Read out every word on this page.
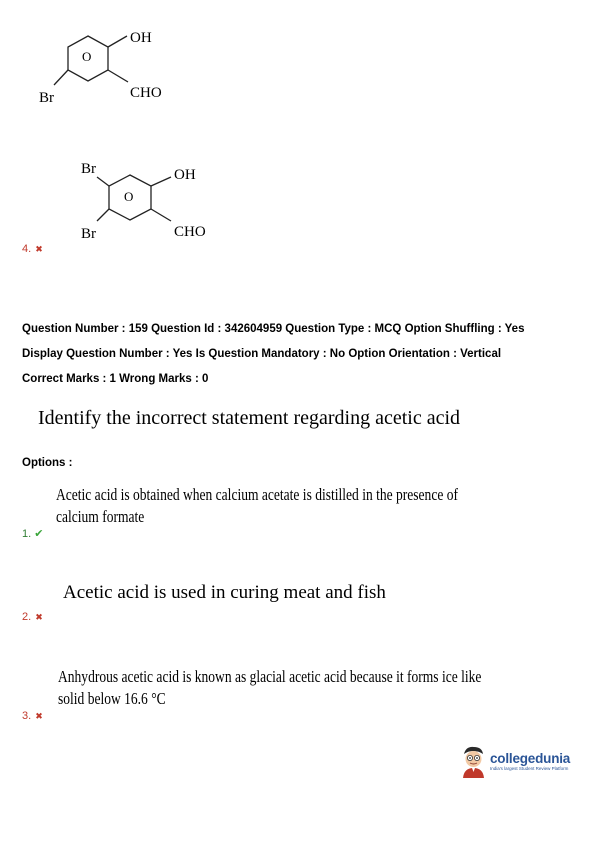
O
OH
CHO
Br
Br
Br
O
OH
CHO
4. ✖
Question Number : 159 Question Id : 342604959 Question Type : MCQ Option Shuffling : Yes
Display Question Number : Yes Is Question Mandatory : No Option Orientation : Vertical
Correct Marks : 1 Wrong Marks : 0
Identify the incorrect statement regarding acetic acid
Options :
Acetic acid is obtained when calcium acetate is distilled in the presence of
calcium formate
1. ✔
Acetic acid is used in curing meat and fish
2. ✖
Anhydrous acetic acid is known as glacial acetic acid because it forms ice like
solid below 16.6 °C
3. ✖
collegedunia
India's largest Student Review Platform
